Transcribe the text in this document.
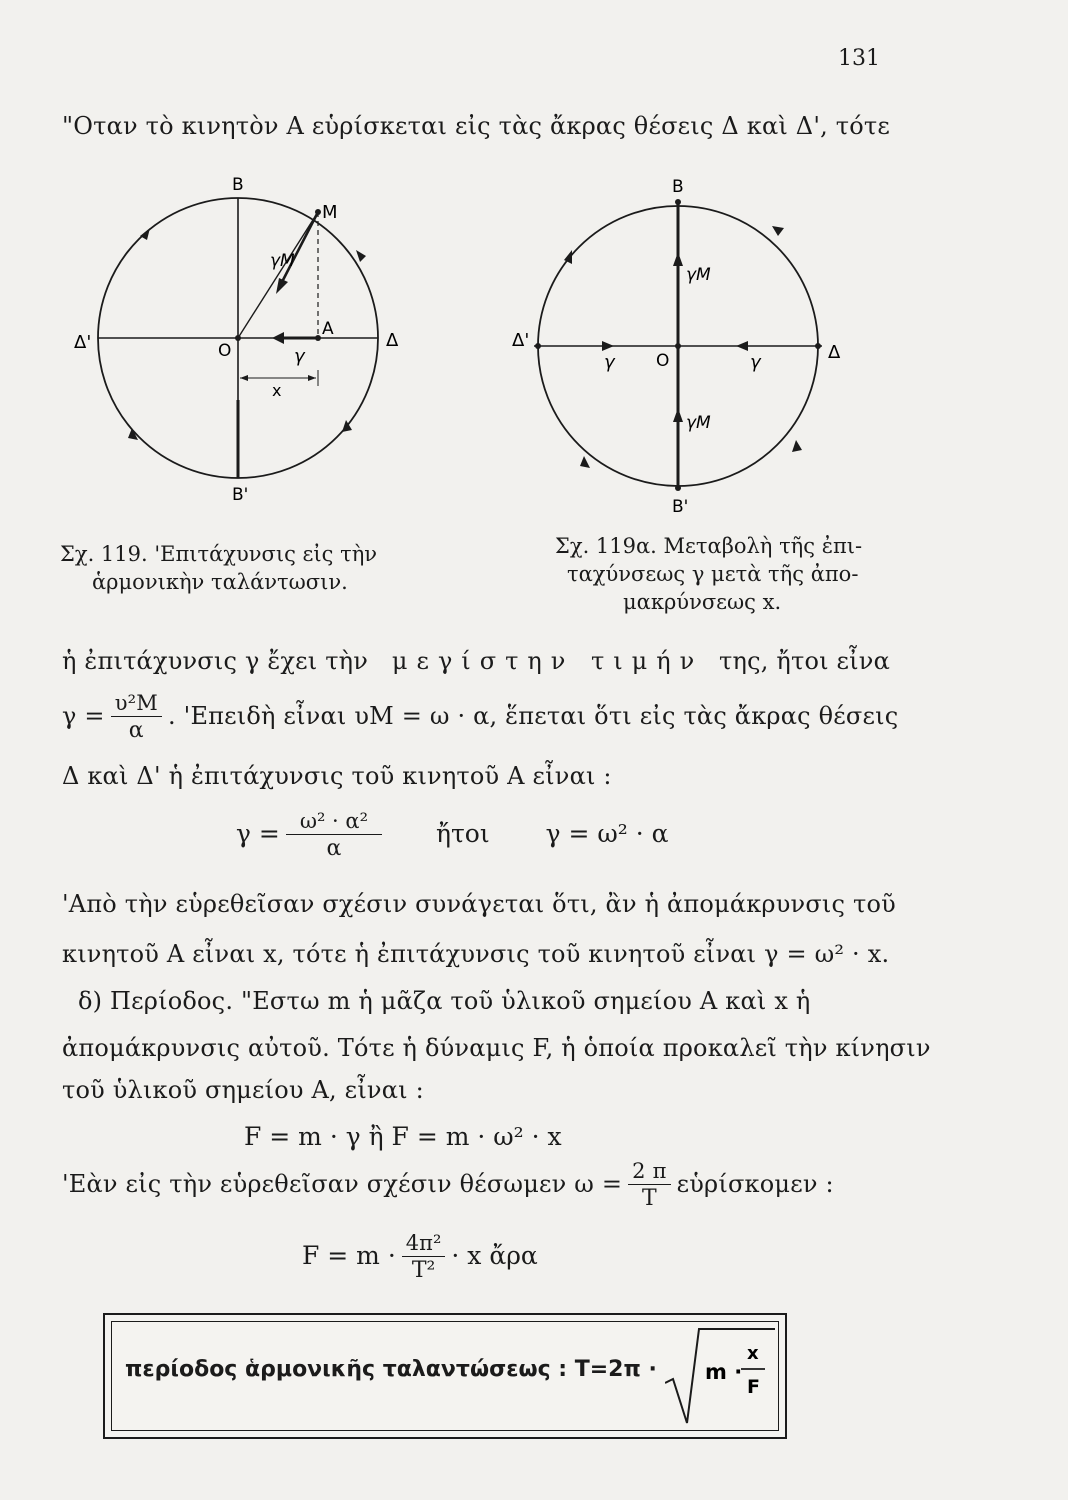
131
"Οταν τὸ κινητὸν Α εὑρίσκεται εἰς τὰς ἄκρας θέσεις Δ καὶ Δ', τότε
Β
Μ
Δ'	Ο
Α
Δ
γΜ
γ
x
Β'
Β
γΜ
Δ'
γ Ο	γ	Δ
γΜ
Β'
Σχ. 119. 'Επιτάχυνσις εἰς τὴν
ἁρμονικὴν ταλάντωσιν.
Σχ. 119α. Μεταβολὴ τῆς ἐπι-
ταχύνσεως γ μετὰ τῆς ἀπο-
μακρύνσεως x.
ἡ ἐπιτάχυνσις γ ἔχει τὴν μεγίστην τιμήν της, ἤτοι εἶνα
$\gamma = \frac{\text{υ²Μ}}{\alpha}$ . 'Επειδὴ εἶναι υΜ = ω · α, ἕπεται ὅτι εἰς τὰς ἄκρας θέσεις
Δ καὶ Δ' ἡ ἐπιτάχυνσις τοῦ κινητοῦ Α εἶναι :
$\gamma = \frac{\text{ω² · α²}}{\alpha}$ ἤτοι γ = ω² · α
'Απὸ τὴν εὑρεθεῖσαν σχέσιν συνάγεται ὅτι, ἂν ἡ ἀπομάκρυνσις τοῦ
κινητοῦ Α εἶναι x, τότε ἡ ἐπιτάχυνσις τοῦ κινητοῦ εἶναι γ = ω² · x.
δ) Περίοδος. "Εστω m ἡ μᾶζα τοῦ ὑλικοῦ σημείου Α καὶ x ἡ
ἀπομάκρυνσις αὐτοῦ. Τότε ἡ δύναμις F, ἡ ὁποία προκαλεῖ τὴν κίνησιν
τοῦ ὑλικοῦ σημείου Α, εἶναι :
F = m · γ ἢ F = m · ω² · x
'Εὰν εἰς τὴν εὑρεθεῖσαν σχέσιν θέσωμεν $\omega = \frac{2 \pi}{T}$ εὑρίσκομεν :
$F = m \cdot \frac{\text{4π²}}{\text{T²}} \cdot x$ ἄρα
περίοδος ἁρμονικῆς ταλαντώσεως : T=2π · m ·
x
F
